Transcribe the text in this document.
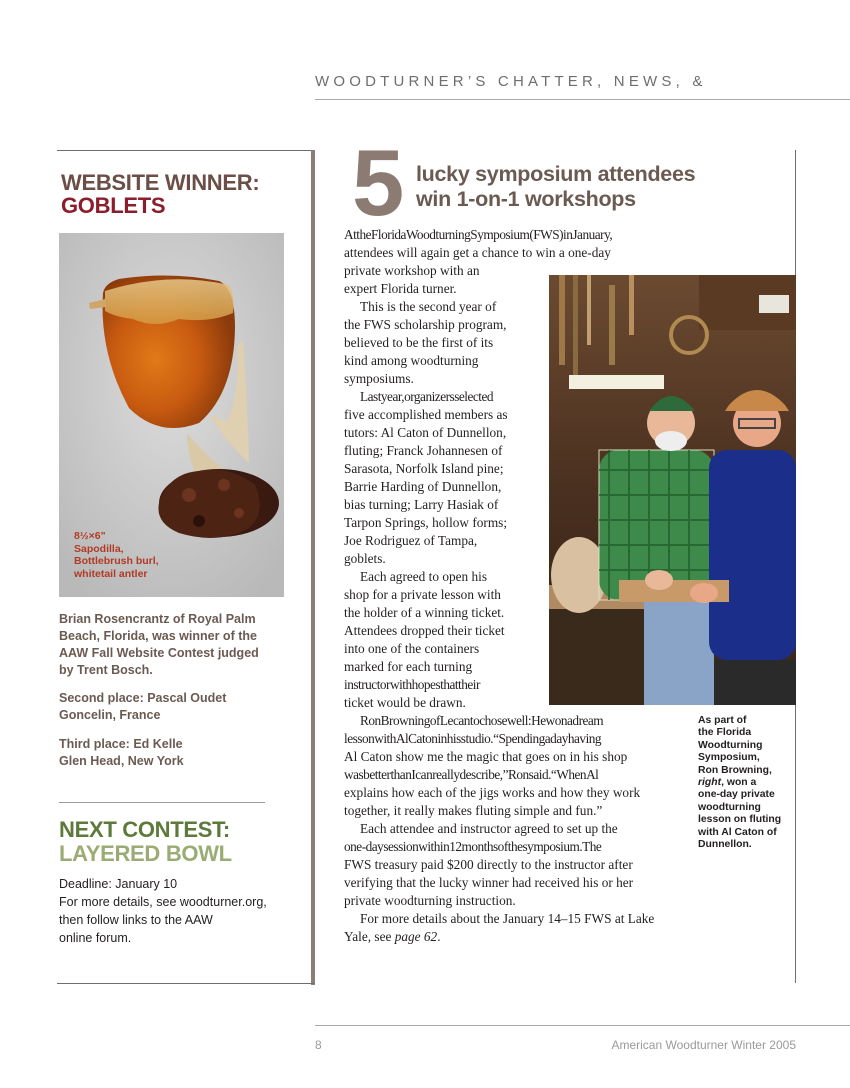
WOODTURNER’S CHATTER, NEWS, &
WEBSITE WINNER:
GOBLETS
8½×6"
Sapodilla,
Bottlebrush burl,
whitetail antler
Brian Rosencrantz of Royal Palm
Beach, Florida, was winner of the
AAW Fall Website Contest judged
by Trent Bosch.
Second place: Pascal Oudet
Goncelin, France
Third place: Ed Kelle
Glen Head, New York
NEXT CONTEST:
LAYERED BOWL
Deadline: January 10
For more details, see woodturner.org,
then follow links to the AAW
online forum.
5 lucky symposium attendees
win 1-on-1 workshops
AttheFloridaWoodturningSymposium(FWS)inJanuary,
attendees will again get a chance to win a one-day
private workshop with an
expert Florida turner.
This is the second year of
the FWS scholarship program,
believed to be the first of its
kind among woodturning
symposiums.
Lastyear,organizersselected
five accomplished members as
tutors: Al Caton of Dunnellon,
fluting; Franck Johannesen of
Sarasota, Norfolk Island pine;
Barrie Harding of Dunnellon,
bias turning; Larry Hasiak of
Tarpon Springs, hollow forms;
Joe Rodriguez of Tampa,
goblets.
Each agreed to open his
shop for a private lesson with
the holder of a winning ticket.
Attendees dropped their ticket
into one of the containers
marked for each turning
instructorwithhopesthattheir
ticket would be drawn.
RonBrowningofLecantochosewell:Hewonadream
lessonwithAlCatoninhisstudio.“Spendingadayhaving
Al Caton show me the magic that goes on in his shop
wasbetterthanIcanreallydescribe,”Ronsaid.“WhenAl
explains how each of the jigs works and how they work
together, it really makes fluting simple and fun.”
Each attendee and instructor agreed to set up the
one-daysessionwithin12monthsofthesymposium.The
FWS treasury paid $200 directly to the instructor after
verifying that the lucky winner had received his or her
private woodturning instruction.
For more details about the January 14–15 FWS at Lake
Yale, see page 62.
As part of
the Florida
Woodturning
Symposium,
Ron Browning,
right, won a
one-day private
woodturning
lesson on fluting
with Al Caton of
Dunnellon.
8	American Woodturner Winter 2005
